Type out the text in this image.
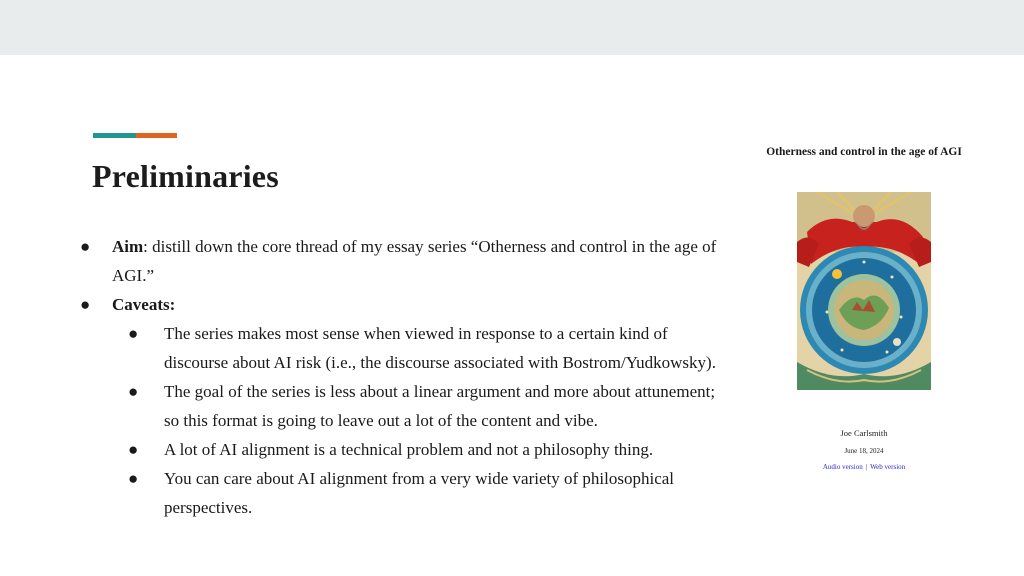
Preliminaries
● Aim: distill down the core thread of my essay series “Otherness and control in the age of AGI.”
● Caveats:
● The series makes most sense when viewed in response to a certain kind of discourse about AI risk (i.e., the discourse associated with Bostrom/Yudkowsky).
● The goal of the series is less about a linear argument and more about attunement; so this format is going to leave out a lot of the content and vibe.
● A lot of AI alignment is a technical problem and not a philosophy thing.
● You can care about AI alignment from a very wide variety of philosophical perspectives.
Otherness and control in the age of AGI
Joe Carlsmith
June 18, 2024
Audio version | Web version
